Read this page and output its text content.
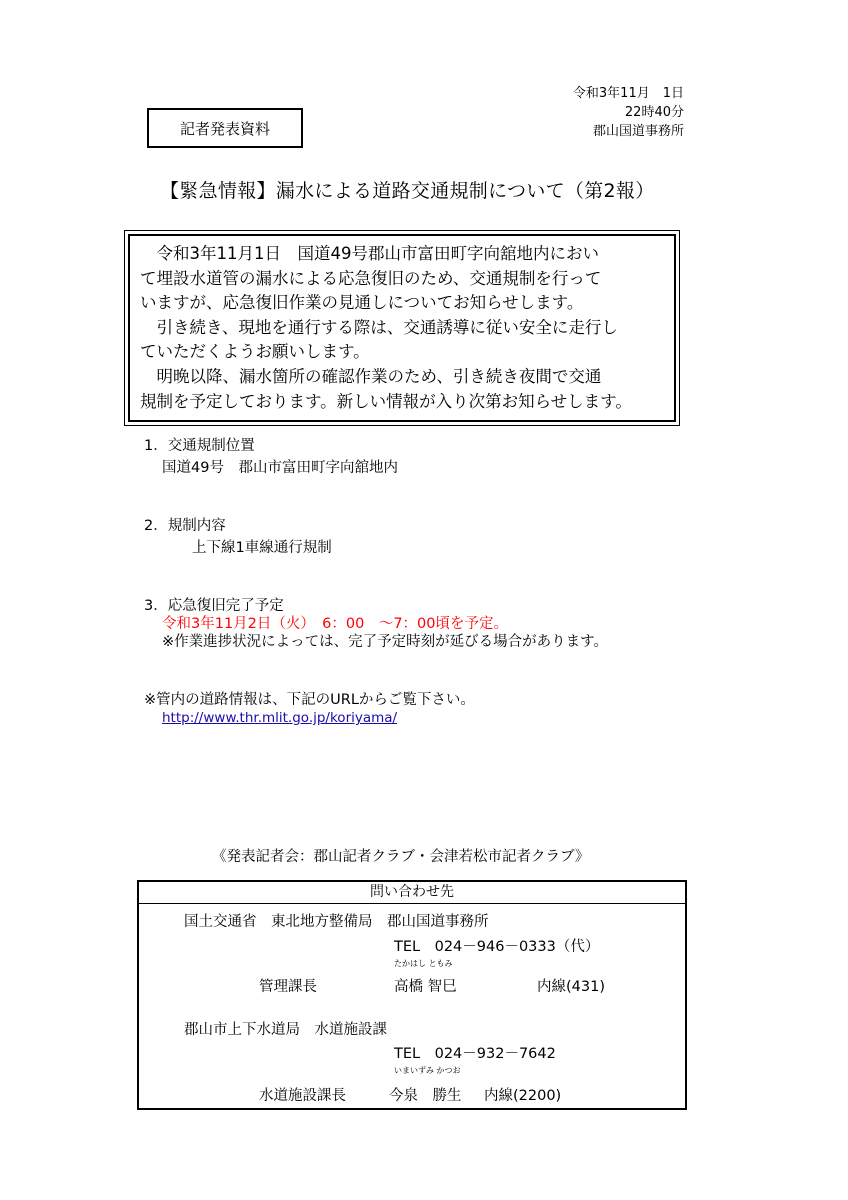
記者発表資料
令和3年11月　1日
22時40分
郡山国道事務所
【緊急情報】漏水による道路交通規制について（第2報）

　令和3年11月1日　国道49号郡山市富田町字向舘地内におい

て埋設水道管の漏水による応急復旧のため、交通規制を行って

いますが、応急復旧作業の見通しについてお知らせします。

　引き続き、現地を通行する際は、交通誘導に従い安全に走行し

ていただくようお願いします。

　明晩以降、漏水箇所の確認作業のため、引き続き夜間で交通

規制を予定しております。新しい情報が入り次第お知らせします。

1．交通規制位置
国道49号　郡山市富田町字向舘地内
2．規制内容
上下線1車線通行規制
3．応急復旧完了予定
令和3年11月2日（火）　6：00　～7：00頃を予定。
※作業進捗状況によっては、完了予定時刻が延びる場合があります。
※管内の道路情報は、下記のURLからご覧下さい。
http://www.thr.mlit.go.jp/koriyama/
《発表記者会：郡山記者クラブ・会津若松市記者クラブ》
問い合わせ先
国土交通省　東北地方整備局　郡山国道事務所
TEL　024－946－0333（代）
たかはし ともみ
管理課長	高橋 智巳	内線(431)
郡山市上下水道局　水道施設課
TEL　024－932－7642
いまいずみ かつお
水道施設課長	今泉　勝生 内線(2200)
